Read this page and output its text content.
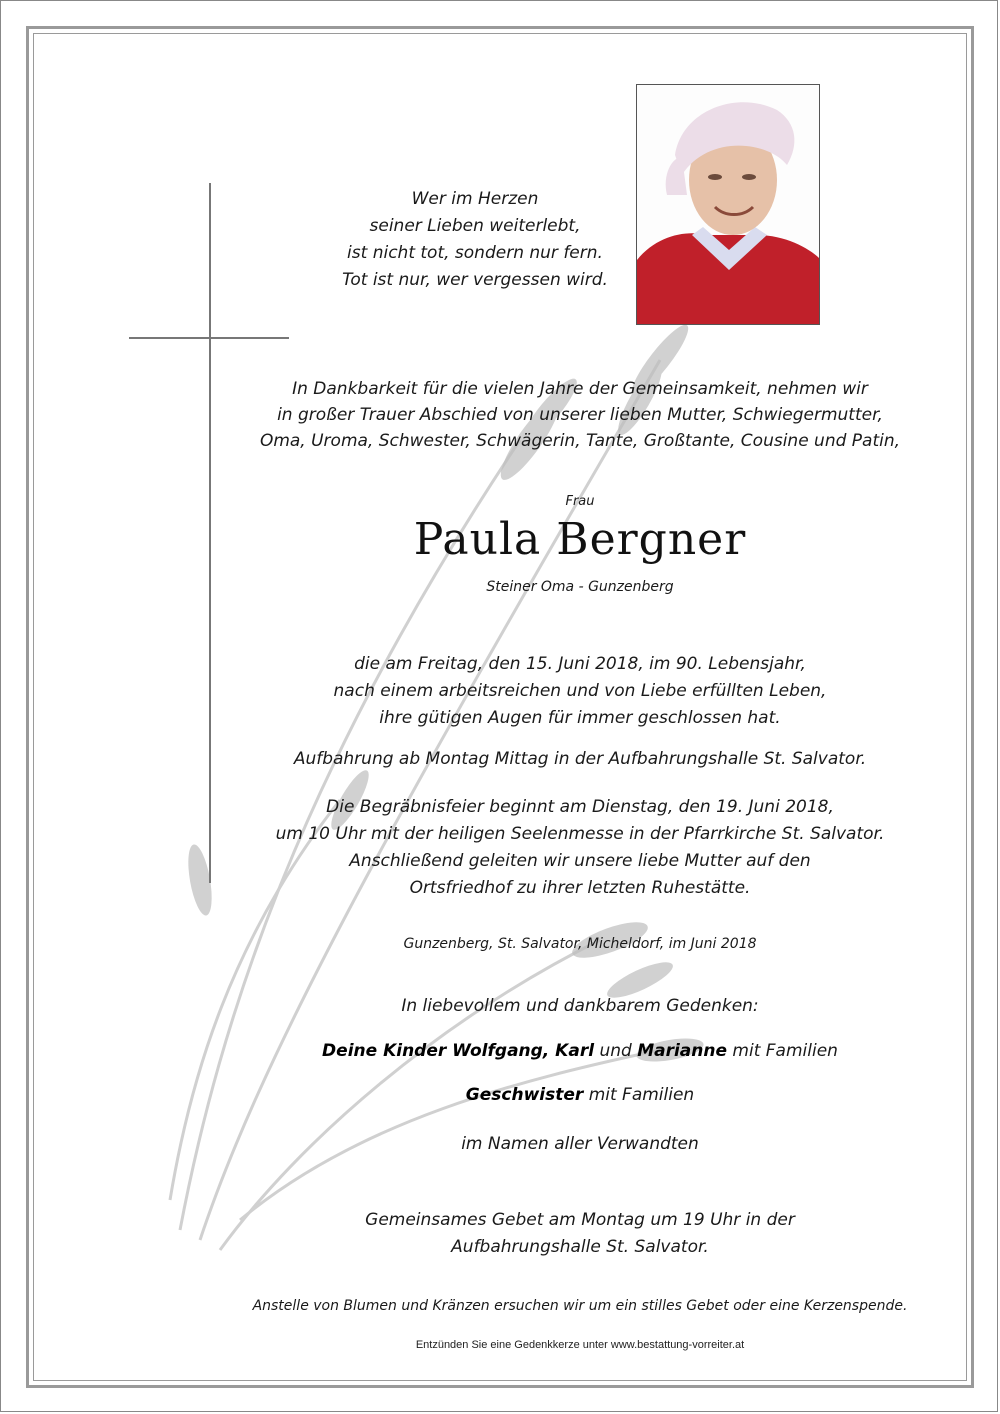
Wer im Herzen
seiner Lieben weiterlebt,
ist nicht tot, sondern nur fern.
Tot ist nur, wer vergessen wird.
In Dankbarkeit für die vielen Jahre der Gemeinsamkeit, nehmen wir
in großer Trauer Abschied von unserer lieben Mutter, Schwiegermutter,
Oma, Uroma, Schwester, Schwägerin, Tante, Großtante, Cousine und Patin,
Frau
Paula Bergner
Steiner Oma - Gunzenberg
die am Freitag, den 15. Juni 2018, im 90. Lebensjahr,
nach einem arbeitsreichen und von Liebe erfüllten Leben,
ihre gütigen Augen für immer geschlossen hat.
Aufbahrung ab Montag Mittag in der Aufbahrungshalle St. Salvator.
Die Begräbnisfeier beginnt am Dienstag, den 19. Juni 2018,
um 10 Uhr mit der heiligen Seelenmesse in der Pfarrkirche St. Salvator.
Anschließend geleiten wir unsere liebe Mutter auf den
Ortsfriedhof zu ihrer letzten Ruhestätte.
Gunzenberg, St. Salvator, Micheldorf, im Juni 2018
In liebevollem und dankbarem Gedenken:
Deine Kinder Wolfgang, Karl und Marianne mit Familien
Geschwister mit Familien
im Namen aller Verwandten
Gemeinsames Gebet am Montag um 19 Uhr in der
Aufbahrungshalle St. Salvator.
Anstelle von Blumen und Kränzen ersuchen wir um ein stilles Gebet oder eine Kerzenspende.
Entzünden Sie eine Gedenkkerze unter www.bestattung-vorreiter.at
